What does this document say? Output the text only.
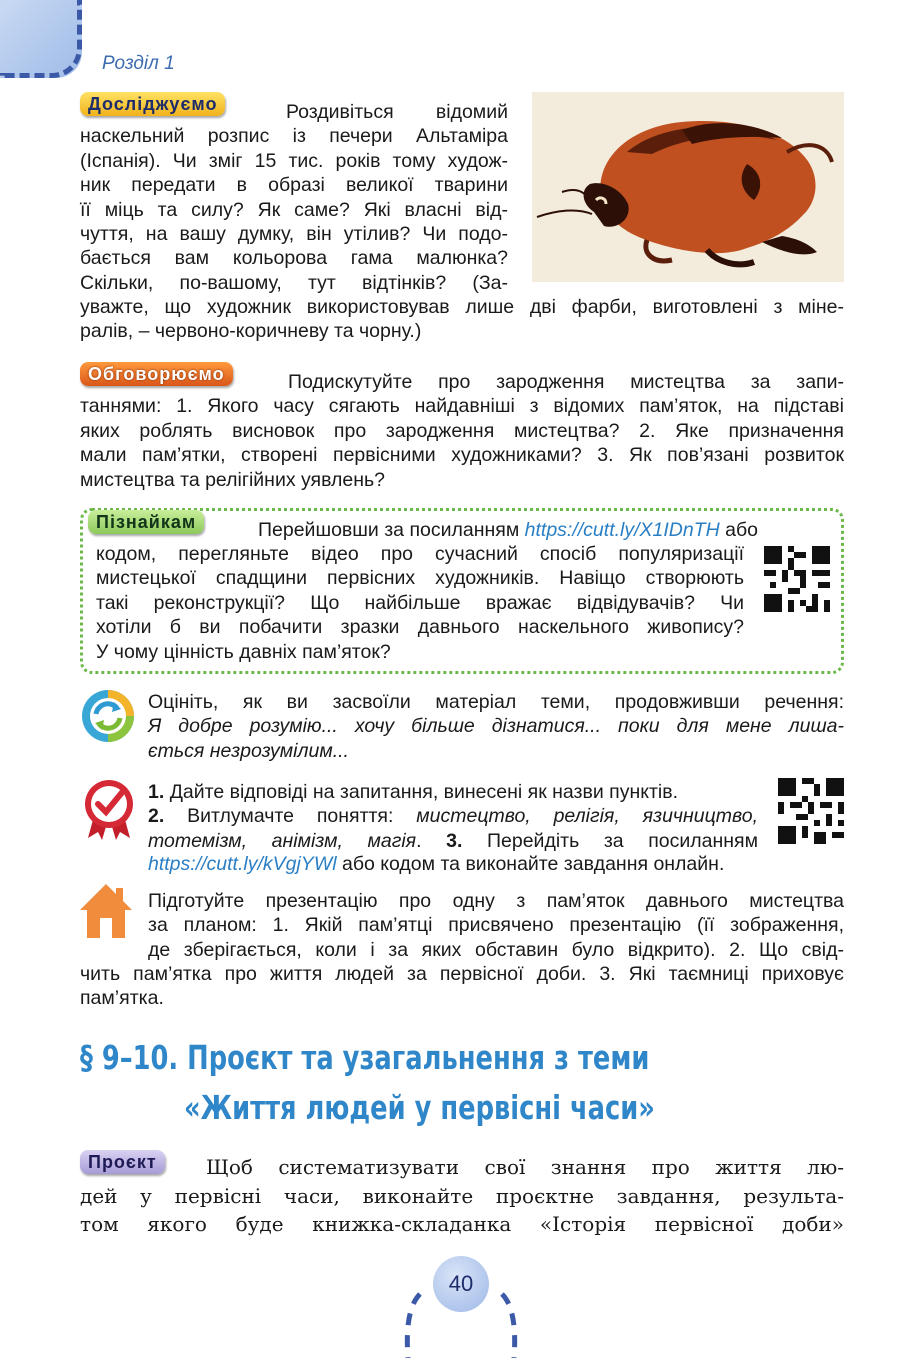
Розділ 1
Досліджуємо	Роздивіться відомий
наскельний розпис із печери Альтаміра
(Іспанія). Чи зміг 15 тис. років тому худож-
ник передати в образі великої тварини
її міць та силу? Як саме? Які власні від-
чуття, на вашу думку, він утілив? Чи подо-
бається вам кольорова гама малюнка?
Скільки, по-вашому, тут відтінків? (За-
уважте, що художник використовував лише дві фарби, виготовлені з міне-
ралів, – червоно-коричневу та чорну.)
Обговорюємо	Подискутуйте про зародження мистецтва за запи-
таннями: 1. Якого часу сягають найдавніші з відомих пам’яток, на підставі
яких роблять висновок про зародження мистецтва? 2. Яке призначення
мали пам’ятки, створені первісними художниками? 3. Як пов’язані розвиток
мистецтва та релігійних уявлень?
Пізнайкам	Перейшовши за посиланням https://cutt.ly/X1IDnTH або
кодом, перегляньте відео про сучасний спосіб популяризації
мистецької спадщини первісних художників. Навіщо створюють
такі реконструкції? Що найбільше вражає відвідувачів? Чи
хотіли б ви побачити зразки давнього наскельного живопису?
У чому цінність давніх пам’яток?
Оцініть, як ви засвоїли матеріал теми, продовживши речення:
Я добре розумію... хочу більше дізнатися... поки для мене лиша-
ється незрозумілим...
1. Дайте відповіді на запитання, винесені як назви пунктів.
2. Витлумачте поняття: мистецтво, релігія, язичництво,
тотемізм, анімізм, магія. 3. Перейдіть за посиланням
https://cutt.ly/kVgjYWl або кодом та виконайте завдання онлайн.
Підготуйте презентацію про одну з пам’яток давнього мистецтва
за планом: 1. Якій пам’ятці присвячено презентацію (її зображення,
де зберігається, коли і за яких обставин було відкрито). 2. Що свід-
чить пам’ятка про життя людей за первісної доби. 3. Які таємниці приховує
пам’ятка.
§ 9–10. Проєкт та узагальнення з теми
«Життя людей у первісні часи»
Проєкт	Щоб систематизувати свої знання про життя лю-
дей у первісні часи, виконайте проєктне завдання, результа-
том якого буде книжка-складанка «Історія первісної доби»
40
